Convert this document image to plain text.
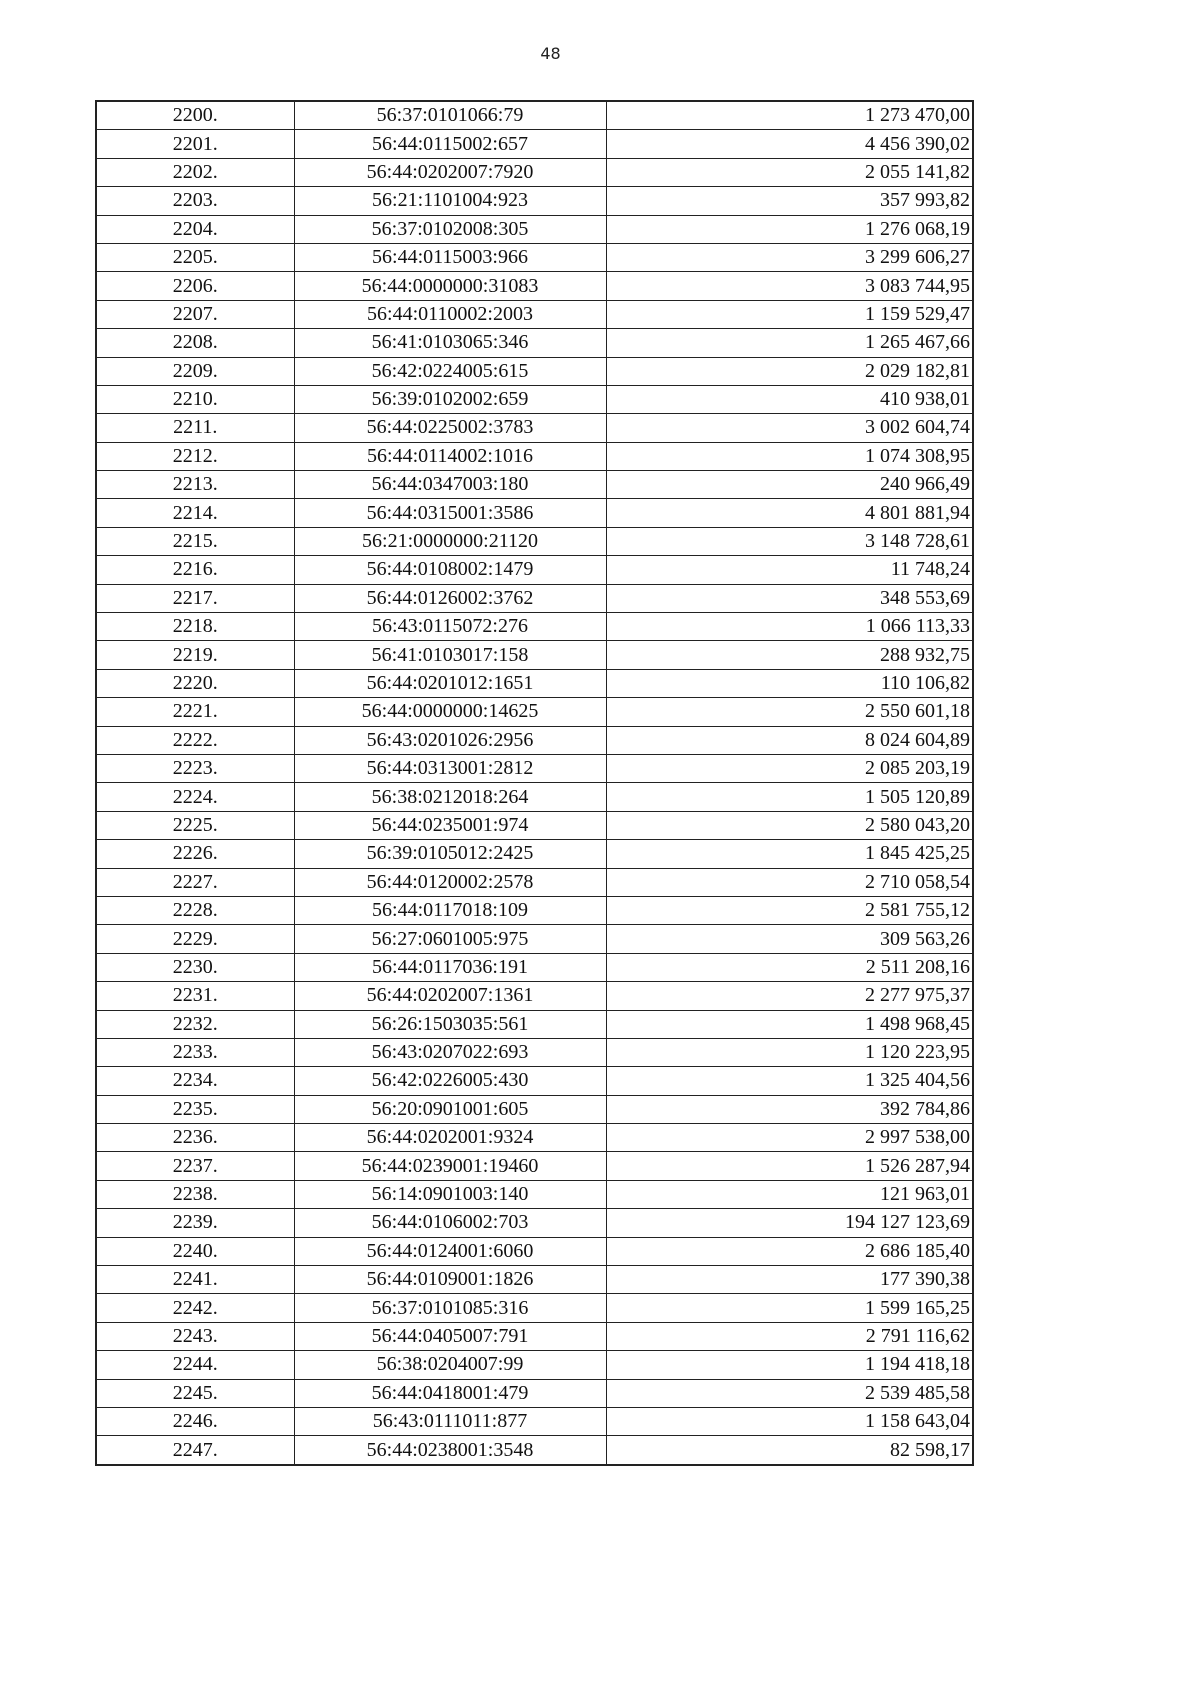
48
2200.	56:37:0101066:79	1 273 470,00
2201.	56:44:0115002:657	4 456 390,02
2202.	56:44:0202007:7920	2 055 141,82
2203.	56:21:1101004:923	357 993,82
2204.	56:37:0102008:305	1 276 068,19
2205.	56:44:0115003:966	3 299 606,27
2206.	56:44:0000000:31083	3 083 744,95
2207.	56:44:0110002:2003	1 159 529,47
2208.	56:41:0103065:346	1 265 467,66
2209.	56:42:0224005:615	2 029 182,81
2210.	56:39:0102002:659	410 938,01
2211.	56:44:0225002:3783	3 002 604,74
2212.	56:44:0114002:1016	1 074 308,95
2213.	56:44:0347003:180	240 966,49
2214.	56:44:0315001:3586	4 801 881,94
2215.	56:21:0000000:21120	3 148 728,61
2216.	56:44:0108002:1479	11 748,24
2217.	56:44:0126002:3762	348 553,69
2218.	56:43:0115072:276	1 066 113,33
2219.	56:41:0103017:158	288 932,75
2220.	56:44:0201012:1651	110 106,82
2221.	56:44:0000000:14625	2 550 601,18
2222.	56:43:0201026:2956	8 024 604,89
2223.	56:44:0313001:2812	2 085 203,19
2224.	56:38:0212018:264	1 505 120,89
2225.	56:44:0235001:974	2 580 043,20
2226.	56:39:0105012:2425	1 845 425,25
2227.	56:44:0120002:2578	2 710 058,54
2228.	56:44:0117018:109	2 581 755,12
2229.	56:27:0601005:975	309 563,26
2230.	56:44:0117036:191	2 511 208,16
2231.	56:44:0202007:1361	2 277 975,37
2232.	56:26:1503035:561	1 498 968,45
2233.	56:43:0207022:693	1 120 223,95
2234.	56:42:0226005:430	1 325 404,56
2235.	56:20:0901001:605	392 784,86
2236.	56:44:0202001:9324	2 997 538,00
2237.	56:44:0239001:19460	1 526 287,94
2238.	56:14:0901003:140	121 963,01
2239.	56:44:0106002:703	194 127 123,69
2240.	56:44:0124001:6060	2 686 185,40
2241.	56:44:0109001:1826	177 390,38
2242.	56:37:0101085:316	1 599 165,25
2243.	56:44:0405007:791	2 791 116,62
2244.	56:38:0204007:99	1 194 418,18
2245.	56:44:0418001:479	2 539 485,58
2246.	56:43:0111011:877	1 158 643,04
2247.	56:44:0238001:3548	82 598,17
